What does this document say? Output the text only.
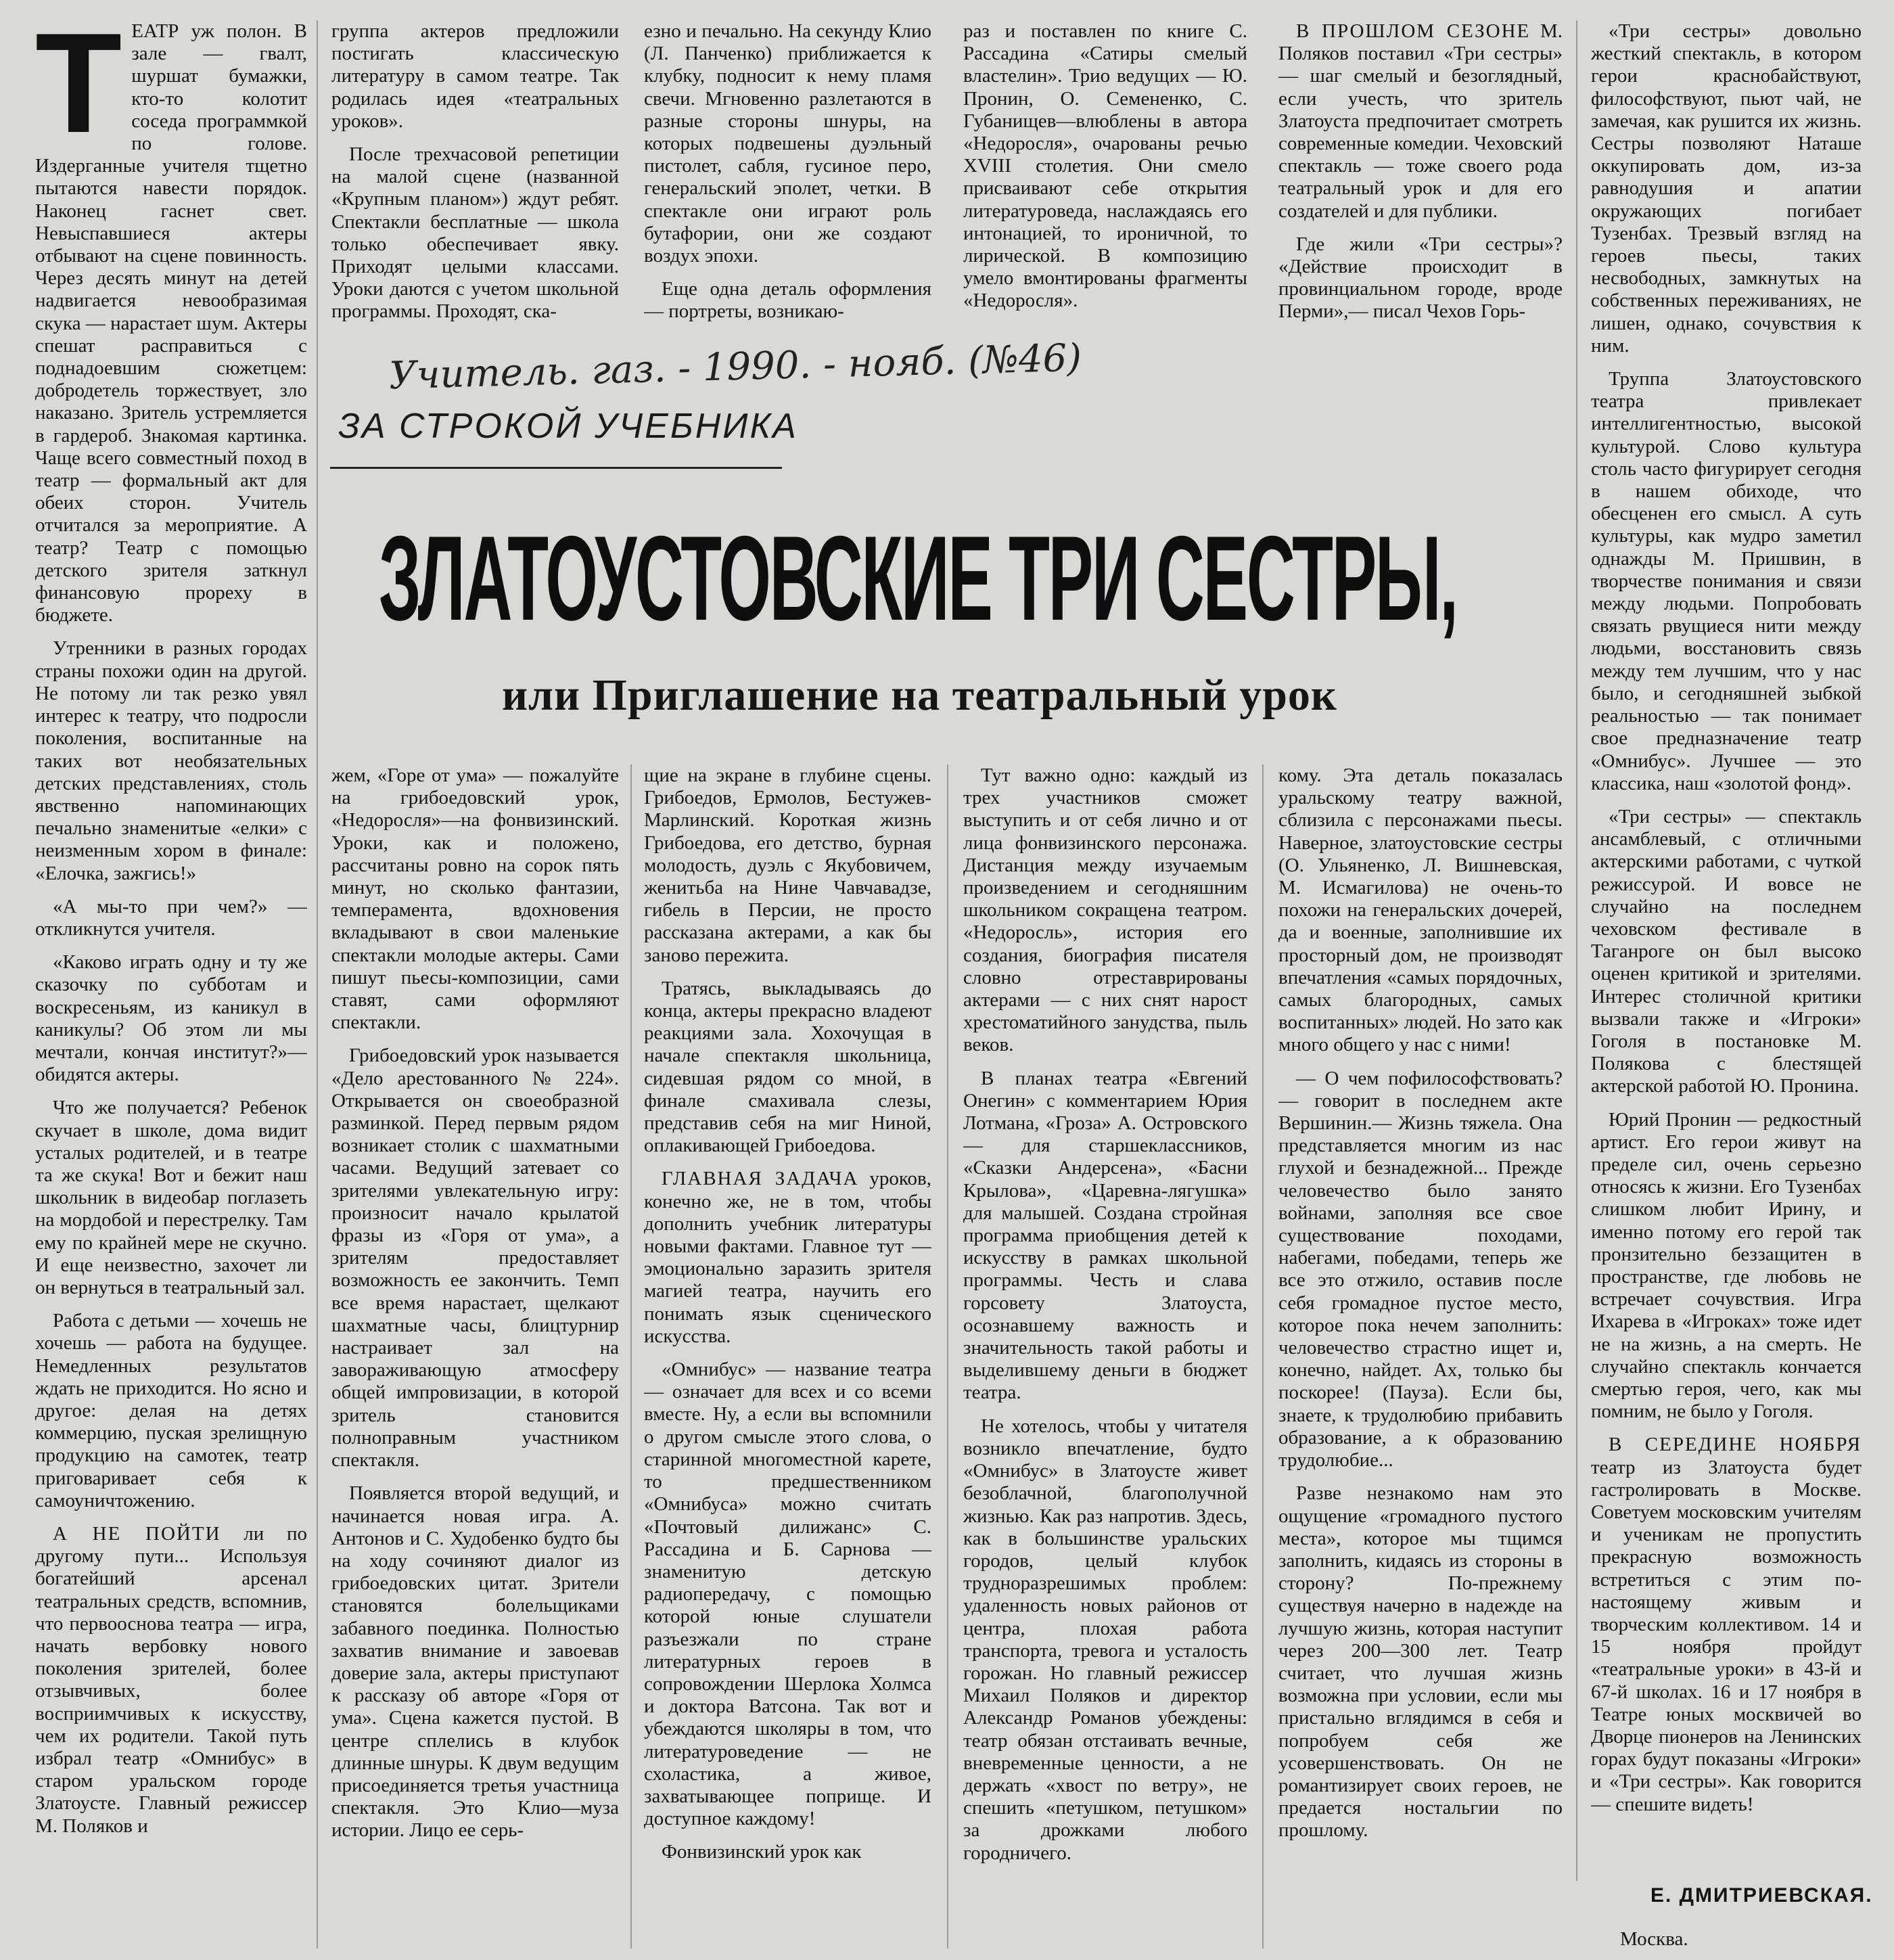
ТЕАТР уж полон. В зале — гвалт, шуршат бумажки, кто-то колотит соседа программкой по голове. Издерганные учителя тщетно пытаются навести порядок. Наконец гаснет свет. Невыспавшиеся актеры отбывают на сцене повинность. Через десять минут на детей надвигается невообразимая скука — нарастает шум. Актеры спешат расправиться с поднадоевшим сюжетцем: добродетель торжествует, зло наказано. Зритель устремляется в гардероб. Знакомая картинка. Чаще всего совместный поход в театр — формальный акт для обеих сторон. Учитель отчитался за мероприятие. А театр? Театр с помощью детского зрителя заткнул финансовую прореху в бюджете.

Утренники в разных городах страны похожи один на другой. Не потому ли так резко увял интерес к театру, что подросли поколения, воспитанные на таких вот необязательных детских представлениях, столь явственно напоминающих печально знаменитые «елки» с неизменным хором в финале: «Елочка, зажгись!»

«А мы-то при чем?» — откликнутся учителя.

«Каково играть одну и ту же сказочку по субботам и воскресеньям, из каникул в каникулы? Об этом ли мы мечтали, кончая институт?»—обидятся актеры.

Что же получается? Ребенок скучает в школе, дома видит усталых родителей, и в театре та же скука! Вот и бежит наш школьник в видеобар поглазеть на мордобой и перестрелку. Там ему по крайней мере не скучно. И еще неизвестно, захочет ли он вернуться в театральный зал.

Работа с детьми — хочешь не хочешь — работа на будущее. Немедленных результатов ждать не приходится. Но ясно и другое: делая на детях коммерцию, пуская зрелищную продукцию на самотек, театр приговаривает себя к самоуничтожению.

А НЕ ПОЙТИ ли по другому пути... Используя богатейший арсенал театральных средств, вспомнив, что первооснова театра — игра, начать вербовку нового поколения зрителей, более отзывчивых, более восприимчивых к искусству, чем их родители. Такой путь избрал театр «Омнибус» в старом уральском городе Златоусте. Главный режиссер М. Поляков и

группа актеров предложили постигать классическую литературу в самом театре. Так родилась идея «театральных уроков».

После трехчасовой репетиции на малой сцене (названной «Крупным планом») ждут ребят. Спектакли бесплатные — школа только обеспечивает явку. Приходят целыми классами. Уроки даются с учетом школьной программы. Проходят, ска-

езно и печально. На секунду Клио (Л. Панченко) приближается к клубку, подносит к нему пламя свечи. Мгновенно разлетаются в разные стороны шнуры, на которых подвешены дуэльный пистолет, сабля, гусиное перо, генеральский эполет, четки. В спектакле они играют роль бутафории, они же создают воздух эпохи.

Еще одна деталь оформления — портреты, возникаю-

раз и поставлен по книге С. Рассадина «Сатиры смелый властелин». Трио ведущих — Ю. Пронин, О. Семененко, С. Губанищев—влюблены в автора «Недоросля», очарованы речью XVIII столетия. Они смело присваивают себе открытия литературоведа, наслаждаясь его интонацией, то ироничной, то лирической. В композицию умело вмонтированы фрагменты «Недоросля».

В ПРОШЛОМ СЕЗОНЕ М. Поляков поставил «Три сестры» — шаг смелый и безоглядный, если учесть, что зритель Златоуста предпочитает смотреть современные комедии. Чеховский спектакль — тоже своего рода театральный урок и для его создателей и для публики.

Где жили «Три сестры»? «Действие происходит в провинциальном городе, вроде Перми»,— писал Чехов Горь-

«Три сестры» довольно жесткий спектакль, в котором герои краснобайствуют, философствуют, пьют чай, не замечая, как рушится их жизнь. Сестры позволяют Наташе оккупировать дом, из-за равнодушия и апатии окружающих погибает Тузенбах. Трезвый взгляд на героев пьесы, таких несвободных, замкнутых на собственных переживаниях, не лишен, однако, сочувствия к ним.

Труппа Златоустовского театра привлекает интеллигентностью, высокой культурой. Слово культура столь часто фигурирует сегодня в нашем обиходе, что обесценен его смысл. А суть культуры, как мудро заметил однажды М. Пришвин, в творчестве понимания и связи между людьми. Попробовать связать рвущиеся нити между людьми, восстановить связь между тем лучшим, что у нас было, и сегодняшней зыбкой реальностью — так понимает свое предназначение театр «Омнибус». Лучшее — это классика, наш «золотой фонд».

«Три сестры» — спектакль ансамблевый, с отличными актерскими работами, с чуткой режиссурой. И вовсе не случайно на последнем чеховском фестивале в Таганроге он был высоко оценен критикой и зрителями. Интерес столичной критики вызвали также и «Игроки» Гоголя в постановке М. Полякова с блестящей актерской работой Ю. Пронина.

Юрий Пронин — редкостный артист. Его герои живут на пределе сил, очень серьезно относясь к жизни. Его Тузенбах слишком любит Ирину, и именно потому его герой так пронзительно беззащитен в пространстве, где любовь не встречает сочувствия. Игра Ихарева в «Игроках» тоже идет не на жизнь, а на смерть. Не случайно спектакль кончается смертью героя, чего, как мы помним, не было у Гоголя.

В СЕРЕДИНЕ НОЯБРЯ театр из Златоуста будет гастролировать в Москве. Советуем московским учителям и ученикам не пропустить прекрасную возможность встретиться с этим по-настоящему живым и творческим коллективом. 14 и 15 ноября пройдут «театральные уроки» в 43-й и 67-й школах. 16 и 17 ноября в Театре юных москвичей во Дворце пионеров на Ленинских горах будут показаны «Игроки» и «Три сестры». Как говорится — спешите видеть!

Учитель. газ. - 1990. - нояб. (№46)
ЗА СТРОКОЙ УЧЕБНИКА
ЗЛАТОУСТОВСКИЕ ТРИ СЕСТРЫ,
или Приглашение на театральный урок

жем, «Горе от ума» — пожалуйте на грибоедовский урок, «Недоросля»—на фонвизинский. Уроки, как и положено, рассчитаны ровно на сорок пять минут, но сколько фантазии, темперамента, вдохновения вкладывают в свои маленькие спектакли молодые актеры. Сами пишут пьесы-композиции, сами ставят, сами оформляют спектакли.

Грибоедовский урок называется «Дело арестованного № 224». Открывается он своеобразной разминкой. Перед первым рядом возникает столик с шахматными часами. Ведущий затевает со зрителями увлекательную игру: произносит начало крылатой фразы из «Горя от ума», а зрителям предоставляет возможность ее закончить. Темп все время нарастает, щелкают шахматные часы, блицтурнир настраивает зал на завораживающую атмосферу общей импровизации, в которой зритель становится полноправным участником спектакля.

Появляется второй ведущий, и начинается новая игра. А. Антонов и С. Худобенко будто бы на ходу сочиняют диалог из грибоедовских цитат. Зрители становятся болельщиками забавного поединка. Полностью захватив внимание и завоевав доверие зала, актеры приступают к рассказу об авторе «Горя от ума». Сцена кажется пустой. В центре сплелись в клубок длинные шнуры. К двум ведущим присоединяется третья участница спектакля. Это Клио—муза истории. Лицо ее серь-

щие на экране в глубине сцены. Грибоедов, Ермолов, Бестужев-Марлинский. Короткая жизнь Грибоедова, его детство, бурная молодость, дуэль с Якубовичем, женитьба на Нине Чавчавадзе, гибель в Персии, не просто рассказана актерами, а как бы заново пережита.

Тратясь, выкладываясь до конца, актеры прекрасно владеют реакциями зала. Хохочущая в начале спектакля школьница, сидевшая рядом со мной, в финале смахивала слезы, представив себя на миг Ниной, оплакивающей Грибоедова.

ГЛАВНАЯ ЗАДАЧА уроков, конечно же, не в том, чтобы дополнить учебник литературы новыми фактами. Главное тут — эмоционально заразить зрителя магией театра, научить его понимать язык сценического искусства.

«Омнибус» — название театра — означает для всех и со всеми вместе. Ну, а если вы вспомнили о другом смысле этого слова, о старинной многоместной карете, то предшественником «Омнибуса» можно считать «Почтовый дилижанс» С. Рассадина и Б. Сарнова — знаменитую детскую радиопередачу, с помощью которой юные слушатели разъезжали по стране литературных героев в сопровождении Шерлока Холмса и доктора Ватсона. Так вот и убеждаются школяры в том, что литературоведение — не схоластика, а живое, захватывающее поприще. И доступное каждому!

Фонвизинский урок как

Тут важно одно: каждый из трех участников сможет выступить и от себя лично и от лица фонвизинского персонажа. Дистанция между изучаемым произведением и сегодняшним школьником сокращена театром. «Недоросль», история его создания, биография писателя словно отреставрированы актерами — с них снят нарост хрестоматийного занудства, пыль веков.

В планах театра «Евгений Онегин» с комментарием Юрия Лотмана, «Гроза» А. Островского — для старшеклассников, «Сказки Андерсена», «Басни Крылова», «Царевна-лягушка» для малышей. Создана стройная программа приобщения детей к искусству в рамках школьной программы. Честь и слава горсовету Златоуста, осознавшему важность и значительность такой работы и выделившему деньги в бюджет театра.

Не хотелось, чтобы у читателя возникло впечатление, будто «Омнибус» в Златоусте живет безоблачной, благополучной жизнью. Как раз напротив. Здесь, как в большинстве уральских городов, целый клубок трудноразрешимых проблем: удаленность новых районов от центра, плохая работа транспорта, тревога и усталость горожан. Но главный режиссер Михаил Поляков и директор Александр Романов убеждены: театр обязан отстаивать вечные, вневременные ценности, а не держать «хвост по ветру», не спешить «петушком, петушком» за дрожками любого городничего.

кому. Эта деталь показалась уральскому театру важной, сблизила с персонажами пьесы. Наверное, златоустовские сестры (О. Ульяненко, Л. Вишневская, М. Исмагилова) не очень-то похожи на генеральских дочерей, да и военные, заполнившие их просторный дом, не производят впечатления «самых порядочных, самых благородных, самых воспитанных» людей. Но зато как много общего у нас с ними!

— О чем пофилософствовать? — говорит в последнем акте Вершинин.— Жизнь тяжела. Она представляется многим из нас глухой и безнадежной... Прежде человечество было занято войнами, заполняя все свое существование походами, набегами, победами, теперь же все это отжило, оставив после себя громадное пустое место, которое пока нечем заполнить: человечество страстно ищет и, конечно, найдет. Ах, только бы поскорее! (Пауза). Если бы, знаете, к трудолюбию прибавить образование, а к образованию трудолюбие...

Разве незнакомо нам это ощущение «громадного пустого места», которое мы тщимся заполнить, кидаясь из стороны в сторону? По-прежнему существуя начерно в надежде на лучшую жизнь, которая наступит через 200—300 лет. Театр считает, что лучшая жизнь возможна при условии, если мы пристально вглядимся в себя и попробуем себя же усовершенствовать. Он не романтизирует своих героев, не предается ностальгии по прошлому.

Е. ДМИТРИЕВСКАЯ.
Москва.
